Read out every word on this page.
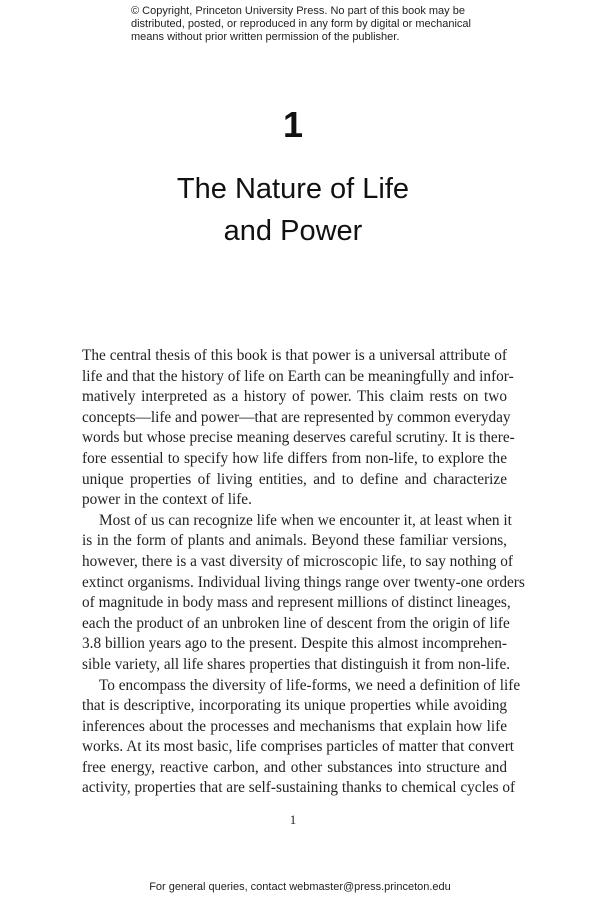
© Copyright, Princeton University Press. No part of this book may be
distributed, posted, or reproduced in any form by digital or mechanical
means without prior written permission of the publisher.
1
The Nature of Life
and Power
The central thesis of this book is that power is a universal attribute of
life and that the history of life on Earth can be meaningfully and infor-
matively interpreted as a history of power. This claim rests on two
concepts—life and power—that are represented by common everyday
words but whose precise meaning deserves careful scrutiny. It is there-
fore essential to specify how life differs from non-life, to explore the
unique properties of living entities, and to define and characterize
power in the context of life.
Most of us can recognize life when we encounter it, at least when it
is in the form of plants and animals. Beyond these familiar versions,
however, there is a vast diversity of microscopic life, to say nothing of
extinct organisms. Individual living things range over twenty-one orders
of magnitude in body mass and represent millions of distinct lineages,
each the product of an unbroken line of descent from the origin of life
3.8 billion years ago to the present. Despite this almost incomprehen-
sible variety, all life shares properties that distinguish it from non-life.
To encompass the diversity of life-forms, we need a definition of life
that is descriptive, incorporating its unique properties while avoiding
inferences about the processes and mechanisms that explain how life
works. At its most basic, life comprises particles of matter that convert
free energy, reactive carbon, and other substances into structure and
activity, properties that are self-sustaining thanks to chemical cycles of
1
For general queries, contact webmaster@press.princeton.edu
